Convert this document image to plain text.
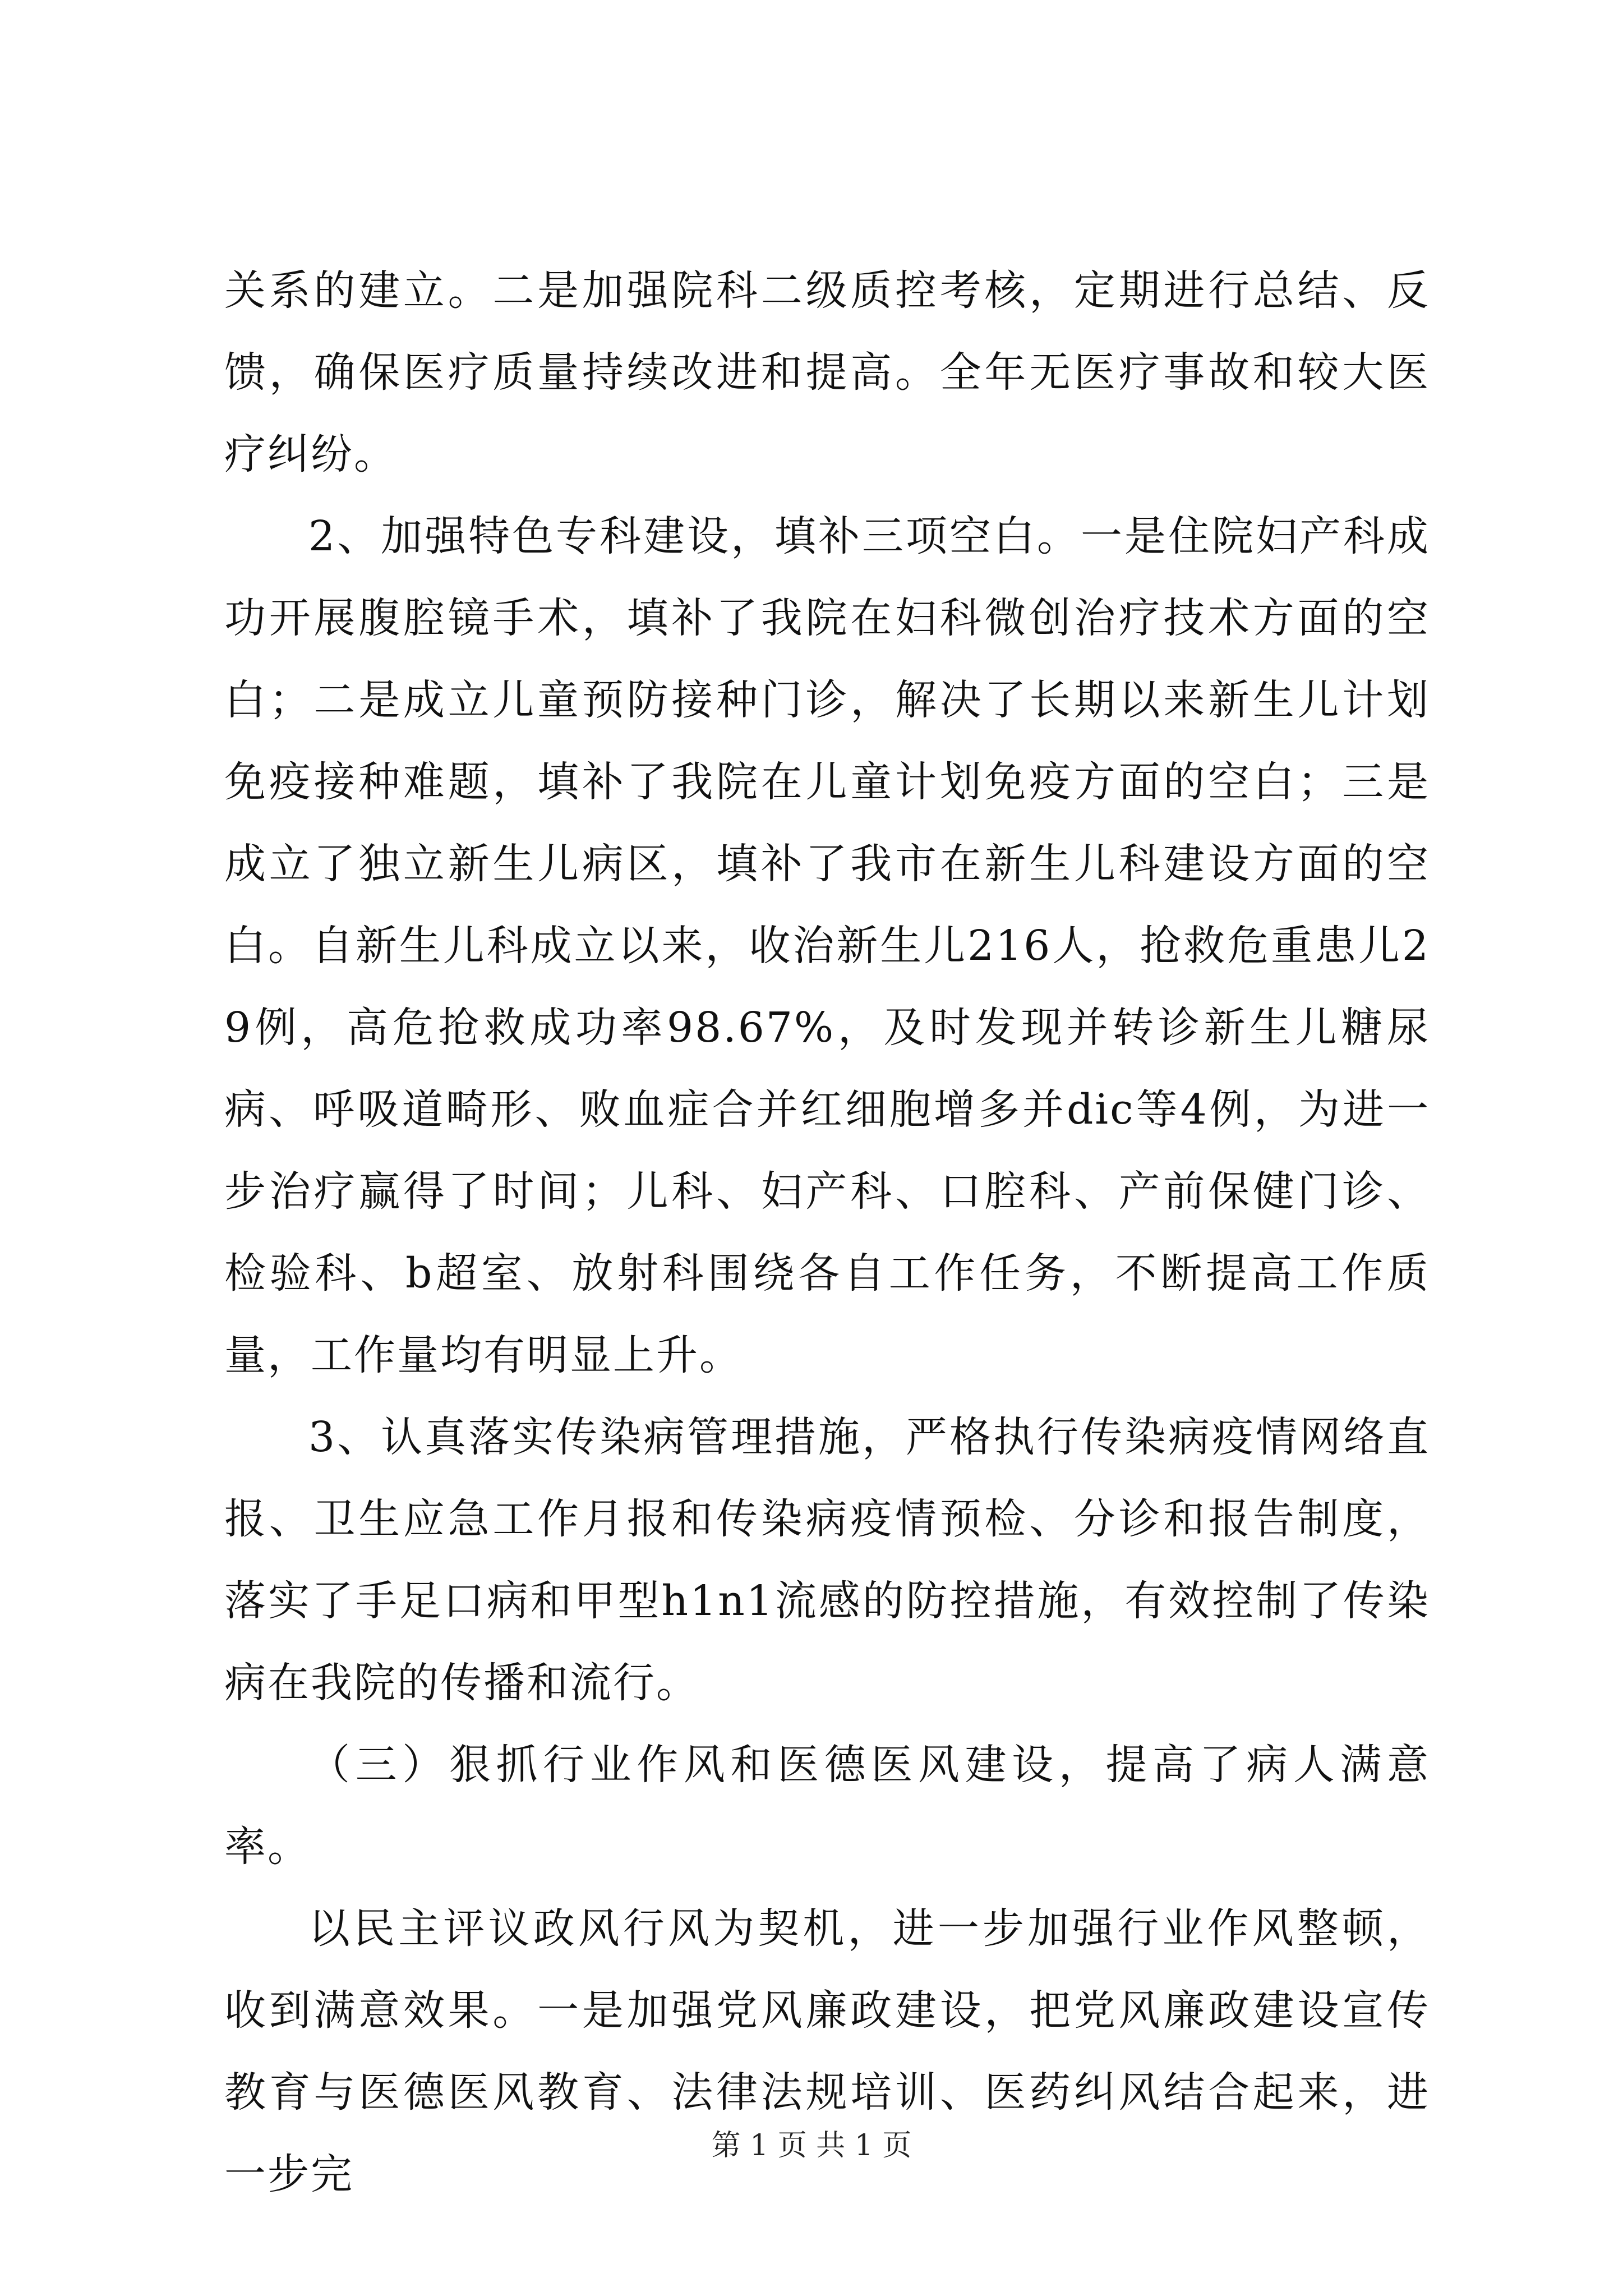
关系的建立。二是加强院科二级质控考核，定期进行总结、反馈，确保医疗质量持续改进和提高。全年无医疗事故和较大医疗纠纷。

2、加强特色专科建设，填补三项空白。一是住院妇产科成功开展腹腔镜手术，填补了我院在妇科微创治疗技术方面的空白；二是成立儿童预防接种门诊，解决了长期以来新生儿计划免疫接种难题，填补了我院在儿童计划免疫方面的空白；三是成立了独立新生儿病区，填补了我市在新生儿科建设方面的空白。自新生儿科成立以来，收治新生儿216人，抢救危重患儿29例，高危抢救成功率98.67%，及时发现并转诊新生儿糖尿病、呼吸道畸形、败血症合并红细胞增多并dic等4例，为进一步治疗赢得了时间；儿科、妇产科、口腔科、产前保健门诊、检验科、b超室、放射科围绕各自工作任务，不断提高工作质量，工作量均有明显上升。

3、认真落实传染病管理措施，严格执行传染病疫情网络直报、卫生应急工作月报和传染病疫情预检、分诊和报告制度，落实了手足口病和甲型h1n1流感的防控措施，有效控制了传染病在我院的传播和流行。

（三）狠抓行业作风和医德医风建设，提高了病人满意率。

以民主评议政风行风为契机，进一步加强行业作风整顿，收到满意效果。一是加强党风廉政建设，把党风廉政建设宣传教育与医德医风教育、法律法规培训、医药纠风结合起来，进一步完

第 1 页 共 1 页
